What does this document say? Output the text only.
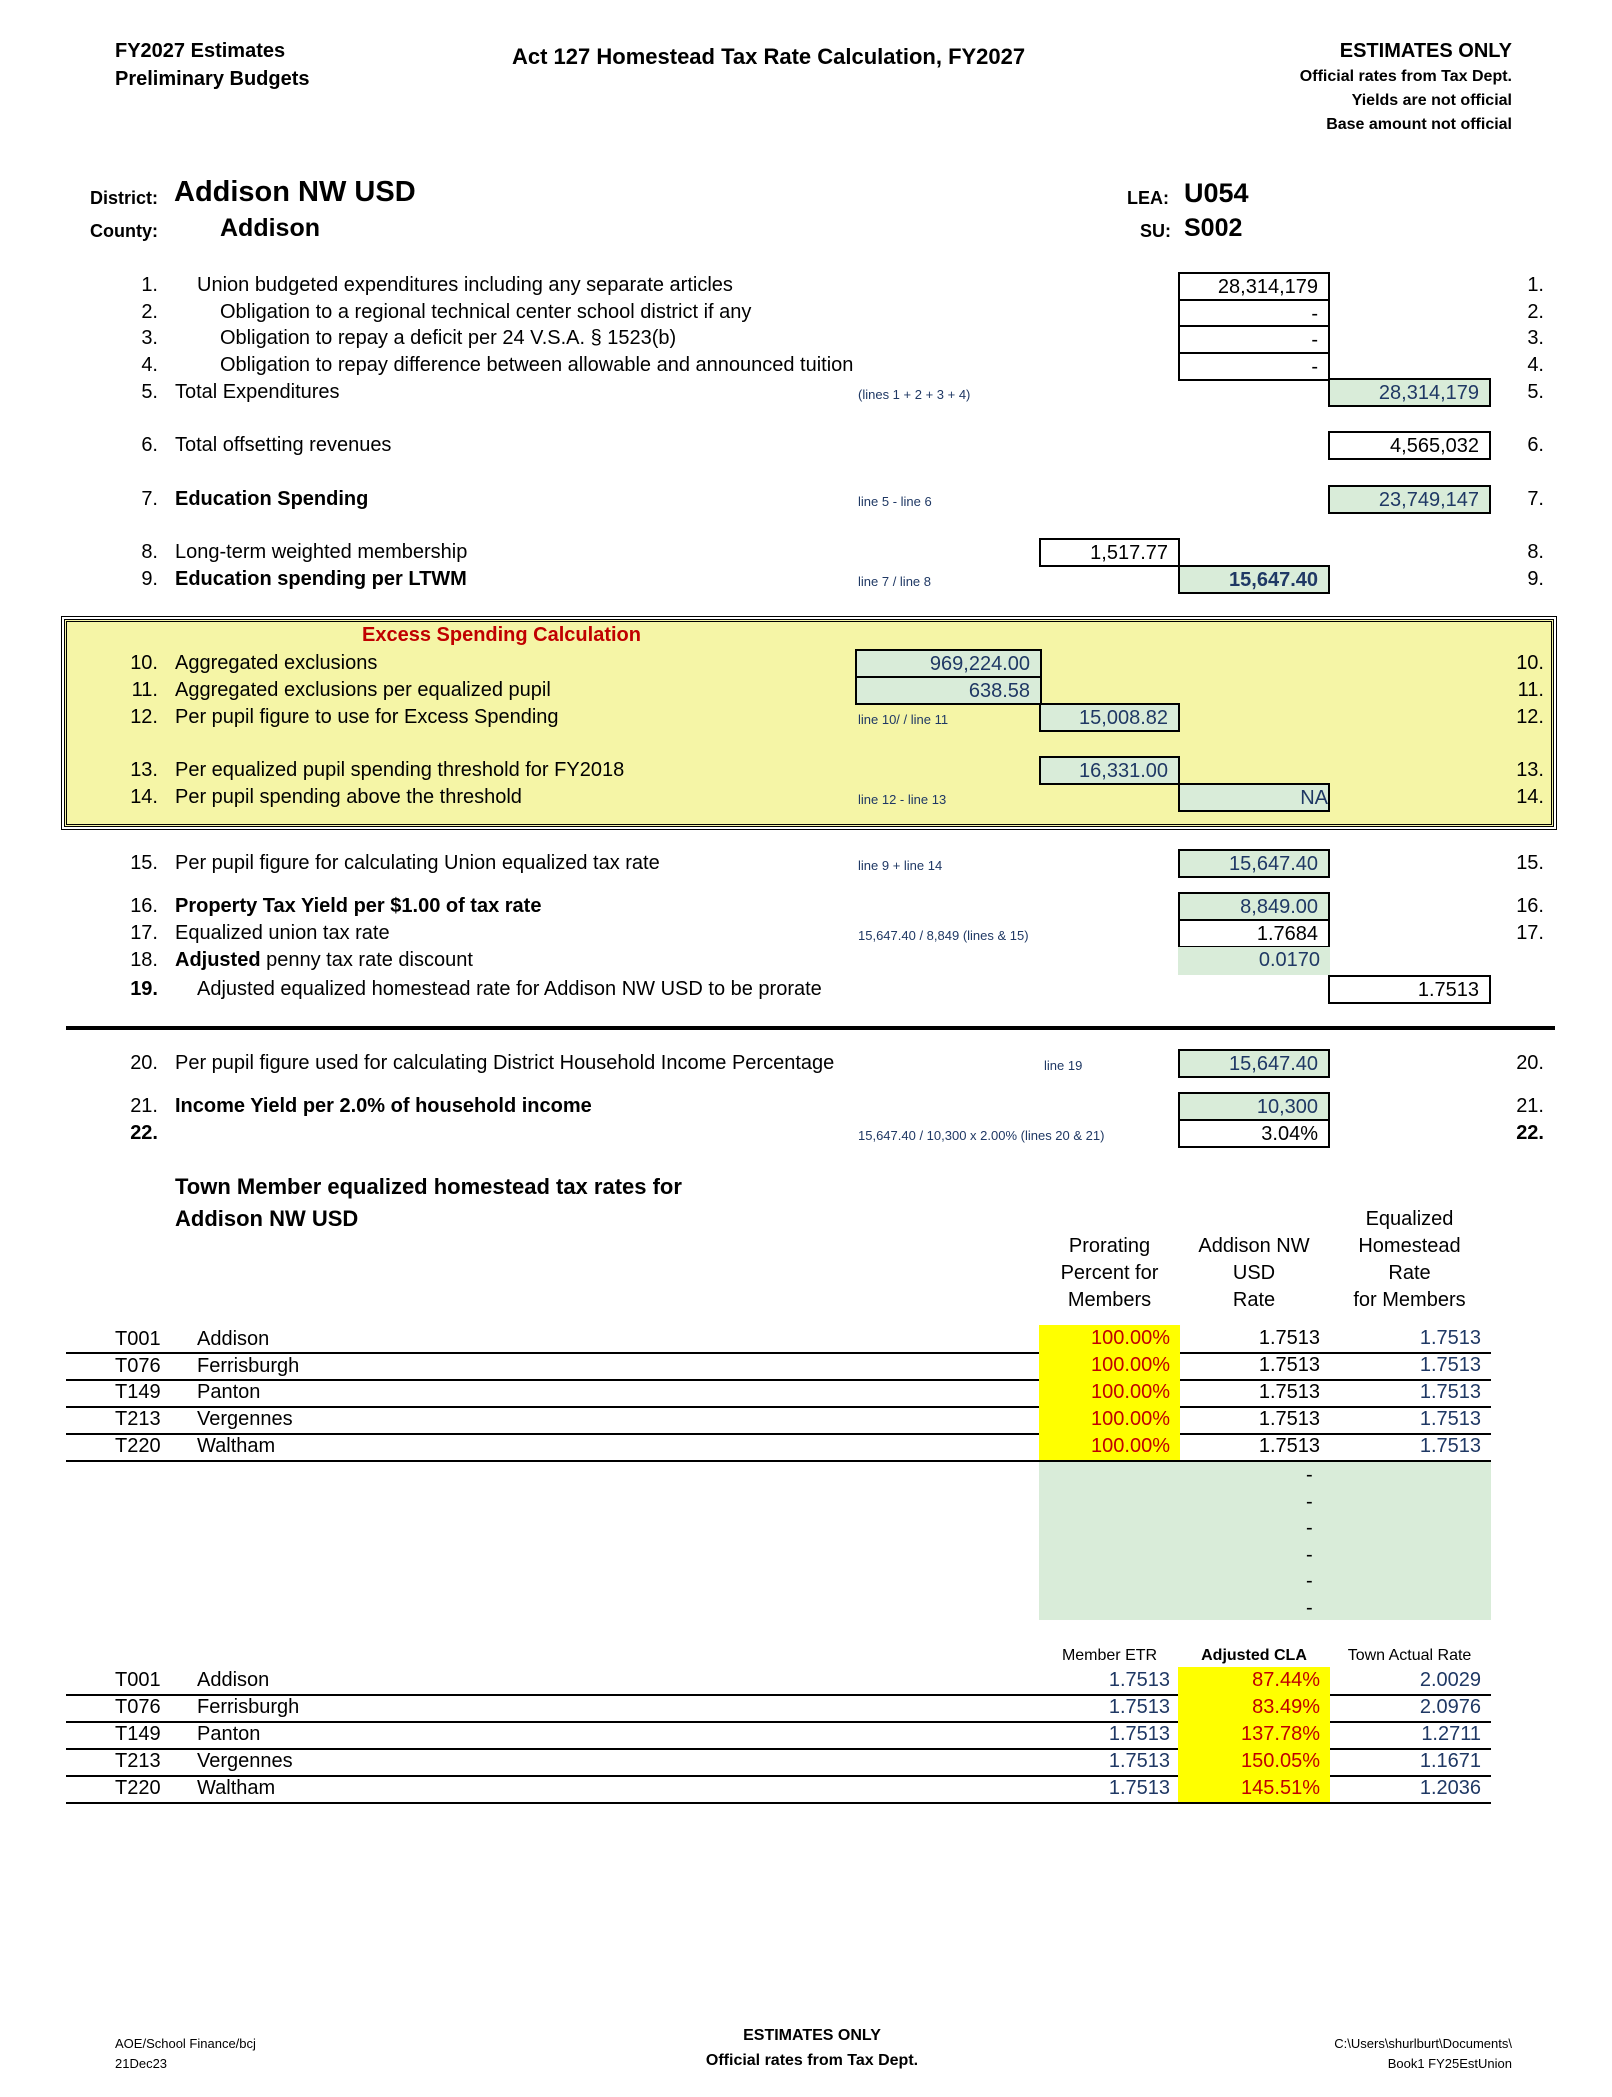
FY2027 Estimates
Preliminary Budgets
Act 127 Homestead Tax Rate Calculation, FY2027	ESTIMATES ONLY
Official rates from Tax Dept.
Yields are not official
Base amount not official
District: Addison NW USD
County: Addison
LEA: U054
SU: S002
1. Union budgeted expenditures including any separate articles	28,314,179	1.
2.	Obligation to a regional technical center school district if any	-	2.
3.	Obligation to repay a deficit per 24 V.S.A. § 1523(b)	-	3.
4.	Obligation to repay difference between allowable and announced tuition	-	4.
5. Total Expenditures	(lines 1 + 2 + 3 + 4)	28,314,179	5.
6. Total offsetting revenues	4,565,032	6.
7. Education Spending	line 5 - line 6	23,749,147	7.
8. Long-term weighted membership	1,517.77	8.
9. Education spending per LTWM	line 7 / line 8	15,647.40	9.
Excess Spending Calculation
10. Aggregated exclusions	969,224.00	10.
11. Aggregated exclusions per equalized pupil	638.58	11.
12. Per pupil figure to use for Excess Spending	line 10/ / line 11	15,008.82	12.
13. Per equalized pupil spending threshold for FY2018	16,331.00	13.
14. Per pupil spending above the threshold	line 12 - line 13	NA	14.
15. Per pupil figure for calculating Union equalized tax rate	line 9 + line 14	15,647.40	15.
16. Property Tax Yield per $1.00 of tax rate	8,849.00	16.
17. Equalized union tax rate	15,647.40 / 8,849 (lines & 15)	1.7684	17.
18. Adjusted penny tax rate discount	0.0170
19. Adjusted equalized homestead rate for Addison NW USD to be prorate	1.7513
20. Per pupil figure used for calculating District Household Income Percentage	line 19	15,647.40	20.
21. Income Yield per 2.0% of household income	10,300	21.
22.	15,647.40 / 10,300 x 2.00% (lines 20 & 21)	3.04%	22.
Town Member equalized homestead tax rates for
Addison NW USD
Prorating
Percent for
Members
Addison NW
USD
Rate
Equalized
Homestead
Rate
for Members
T001 Addison	100.00%	1.7513	1.7513
T076 Ferrisburgh	100.00%	1.7513	1.7513
T149 Panton	100.00%	1.7513	1.7513
T213 Vergennes	100.00%	1.7513	1.7513
T220 Waltham	100.00%	1.7513	1.7513
-
-
-
-
-
-
Member ETR	Adjusted CLA	Town Actual Rate
T001 Addison	1.7513	87.44%	2.0029
T076 Ferrisburgh	1.7513	83.49%	2.0976
T149 Panton	1.7513	137.78%	1.2711
T213 Vergennes	1.7513	150.05%	1.1671
T220 Waltham	1.7513	145.51%	1.2036
AOE/School Finance/bcj
21Dec23
ESTIMATES ONLY
Official rates from Tax Dept.
C:\Users\shurlburt\Documents\
Book1 FY25EstUnion
